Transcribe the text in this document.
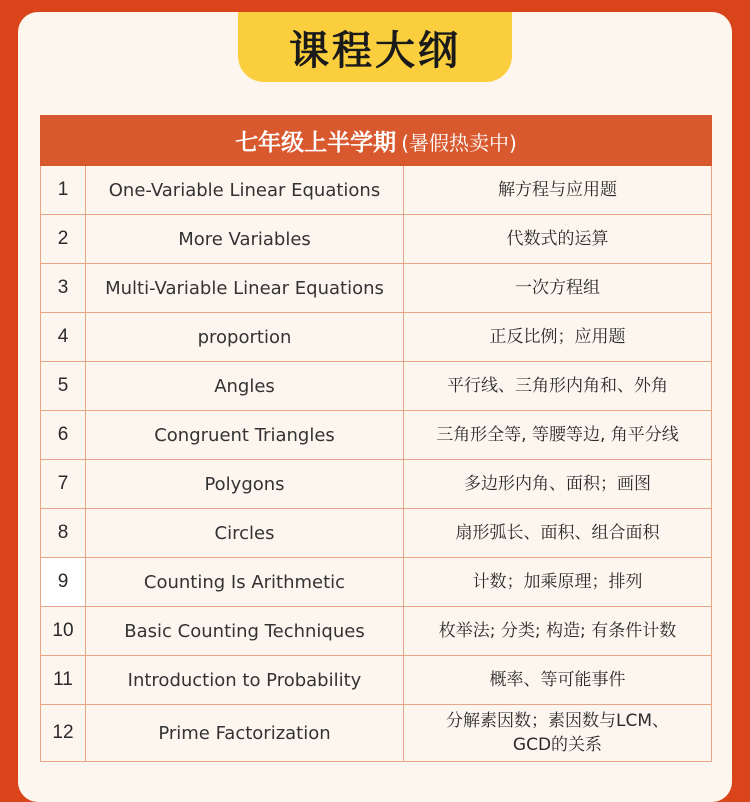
课程大纲
七年级上半学期 (暑假热卖中)		
1	One-Variable Linear Equations	解方程与应用题
2	More Variables	代数式的运算
3	Multi-Variable Linear Equations	一次方程组
4	proportion	正反比例；应用题
5	Angles	平行线、三角形内角和、外角
6	Congruent Triangles	三角形全等, 等腰等边, 角平分线
7	Polygons	多边形内角、面积；画图
8	Circles	扇形弧长、面积、组合面积
9	Counting Is Arithmetic	计数；加乘原理；排列
10	Basic Counting Techniques	枚举法; 分类; 构造; 有条件计数
11	Introduction to Probability	概率、等可能事件
12	Prime Factorization	分解素因数；素因数与LCM、
GCD的关系
